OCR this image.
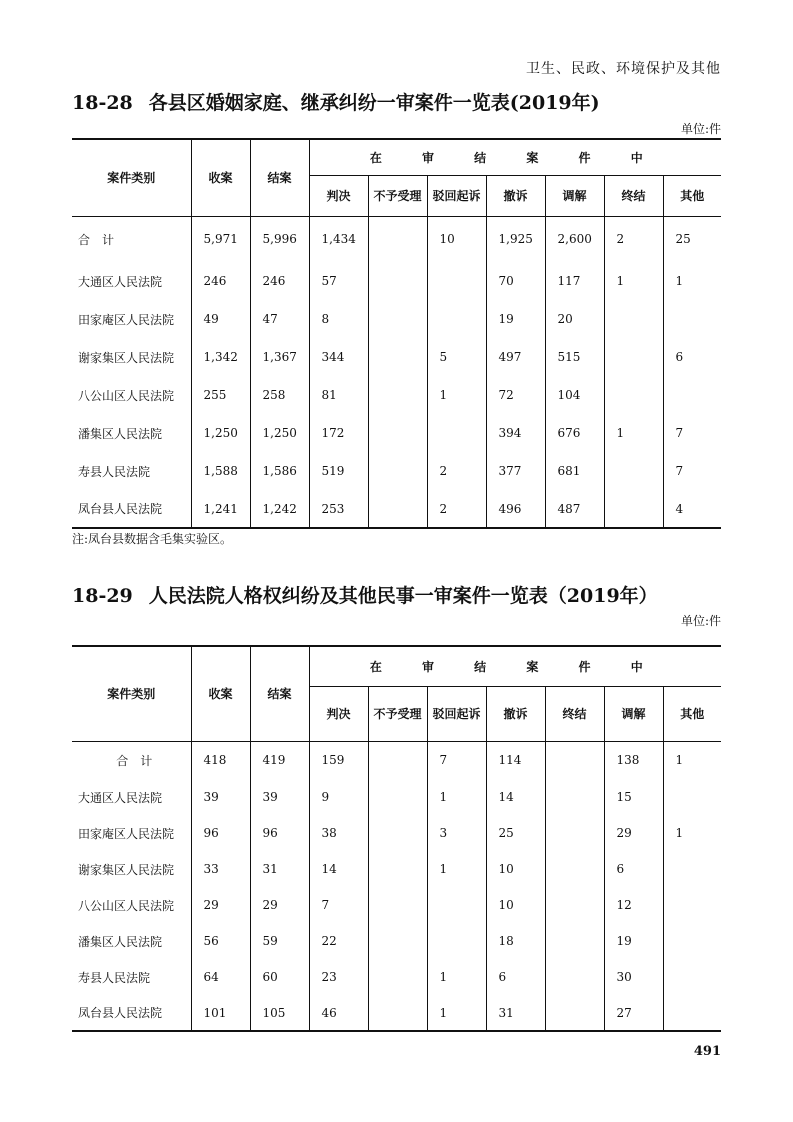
卫生、民政、环境保护及其他
18-28 各县区婚姻家庭、继承纠纷一审案件一览表(2019年)
单位:件
案件类别	收案	结案	在 审 结 案 件 中						
			判决	不予受理	驳回起诉	撤诉	调解	终结	其他
合　计	5,971	5,996	1,434		10	1,925	2,600	2	25
大通区人民法院	246	246	57			70	117	1	1
田家庵区人民法院	49	47	8			19	20		
谢家集区人民法院	1,342	1,367	344		5	497	515		6
八公山区人民法院	255	258	81		1	72	104		
潘集区人民法院	1,250	1,250	172			394	676	1	7
寿县人民法院	1,588	1,586	519		2	377	681		7
凤台县人民法院	1,241	1,242	253		2	496	487		4
注:凤台县数据含毛集实验区。
18-29 人民法院人格权纠纷及其他民事一审案件一览表（2019年）
单位:件
案件类别	收案	结案	在 审 结 案 件 中						
			判决	不予受理	驳回起诉	撤诉	终结	调解	其他
合　计	418	419	159		7	114		138	1
大通区人民法院	39	39	9		1	14		15	
田家庵区人民法院	96	96	38		3	25		29	1
谢家集区人民法院	33	31	14		1	10		6	
八公山区人民法院	29	29	7			10		12	
潘集区人民法院	56	59	22			18		19	
寿县人民法院	64	60	23		1	6		30	
凤台县人民法院	101	105	46		1	31		27	
491
